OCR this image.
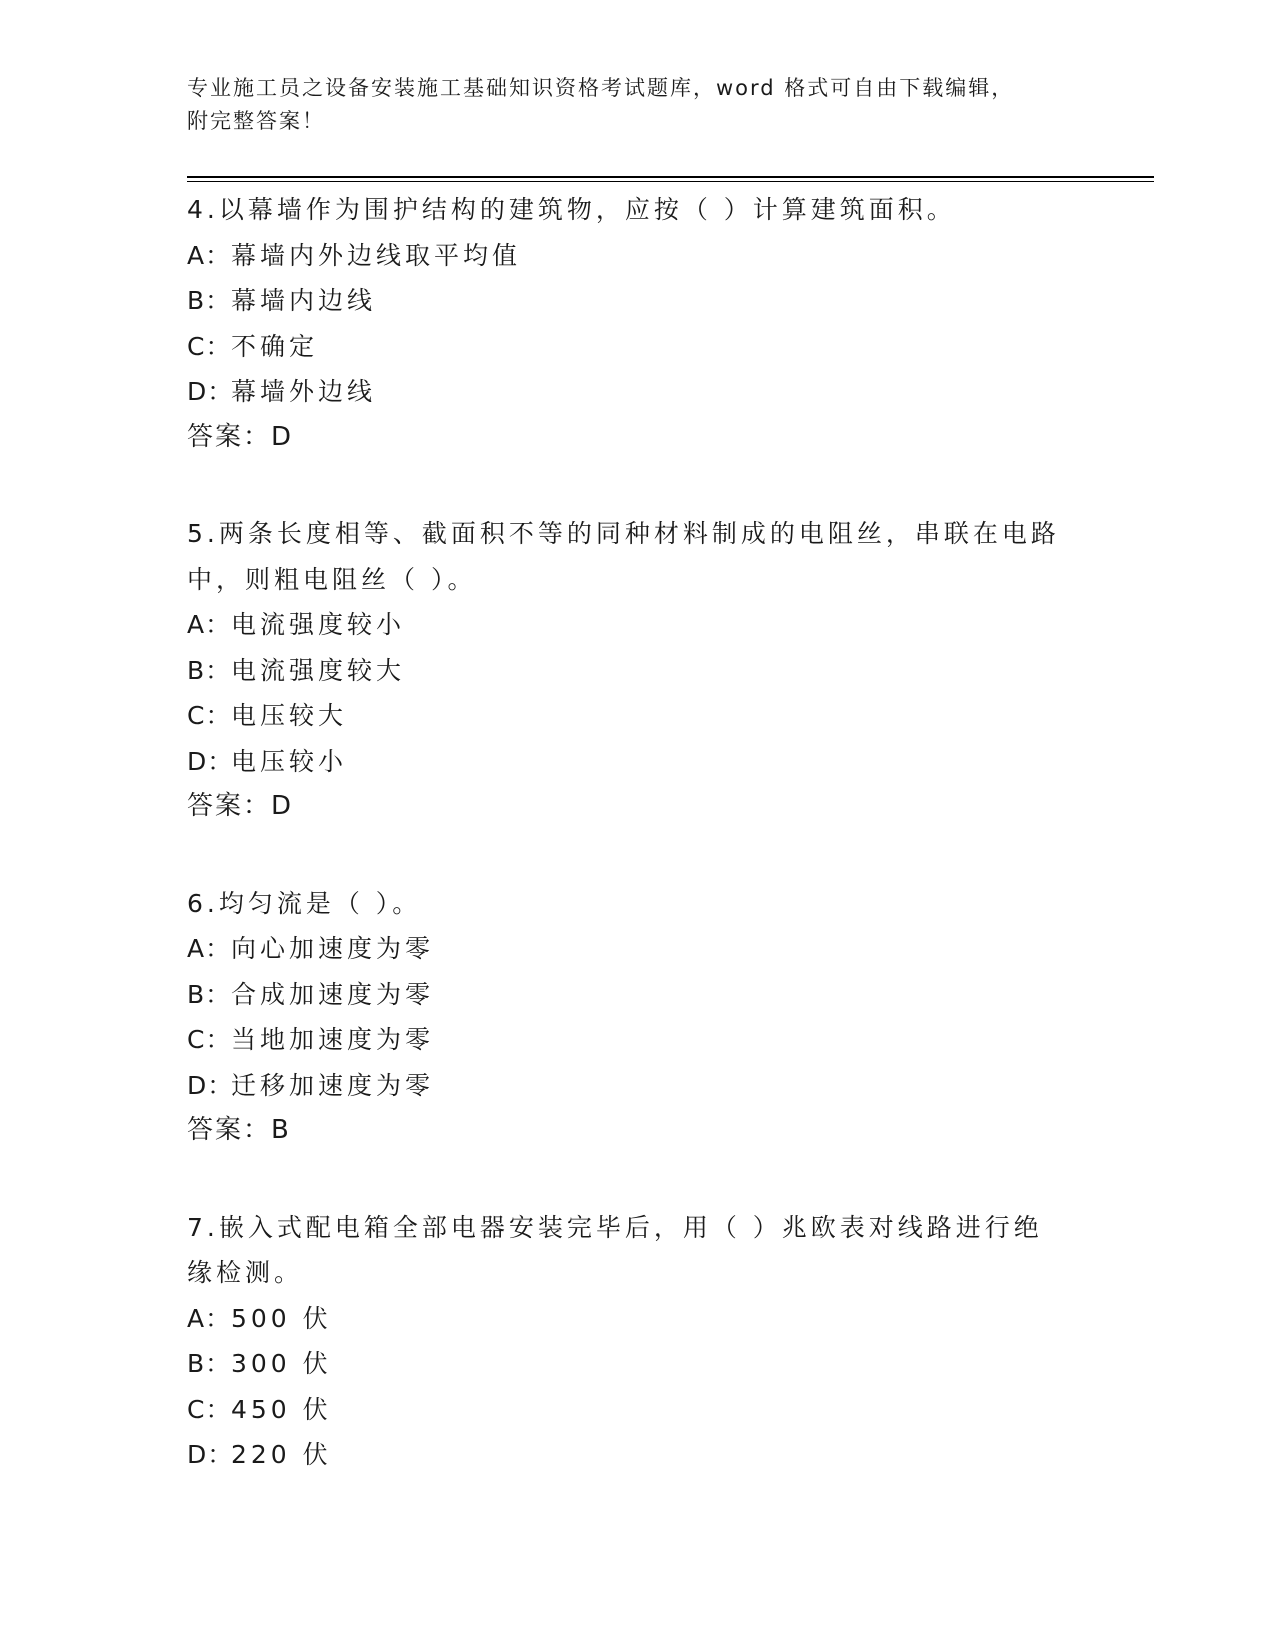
专业施工员之设备安装施工基础知识资格考试题库，word 格式可自由下载编辑，
附完整答案！
4.以幕墙作为围护结构的建筑物，应按（ ）计算建筑面积。
A：幕墙内外边线取平均值
B：幕墙内边线
C：不确定
D：幕墙外边线
答案：D
5.两条长度相等、截面积不等的同种材料制成的电阻丝，串联在电路中，则粗电阻丝（ ）。
A：电流强度较小
B：电流强度较大
C：电压较大
D：电压较小
答案：D
6.均匀流是（ ）。
A：向心加速度为零
B：合成加速度为零
C：当地加速度为零
D：迁移加速度为零
答案：B
7.嵌入式配电箱全部电器安装完毕后，用（ ）兆欧表对线路进行绝缘检测。
A：500 伏
B：300 伏
C：450 伏
D：220 伏
